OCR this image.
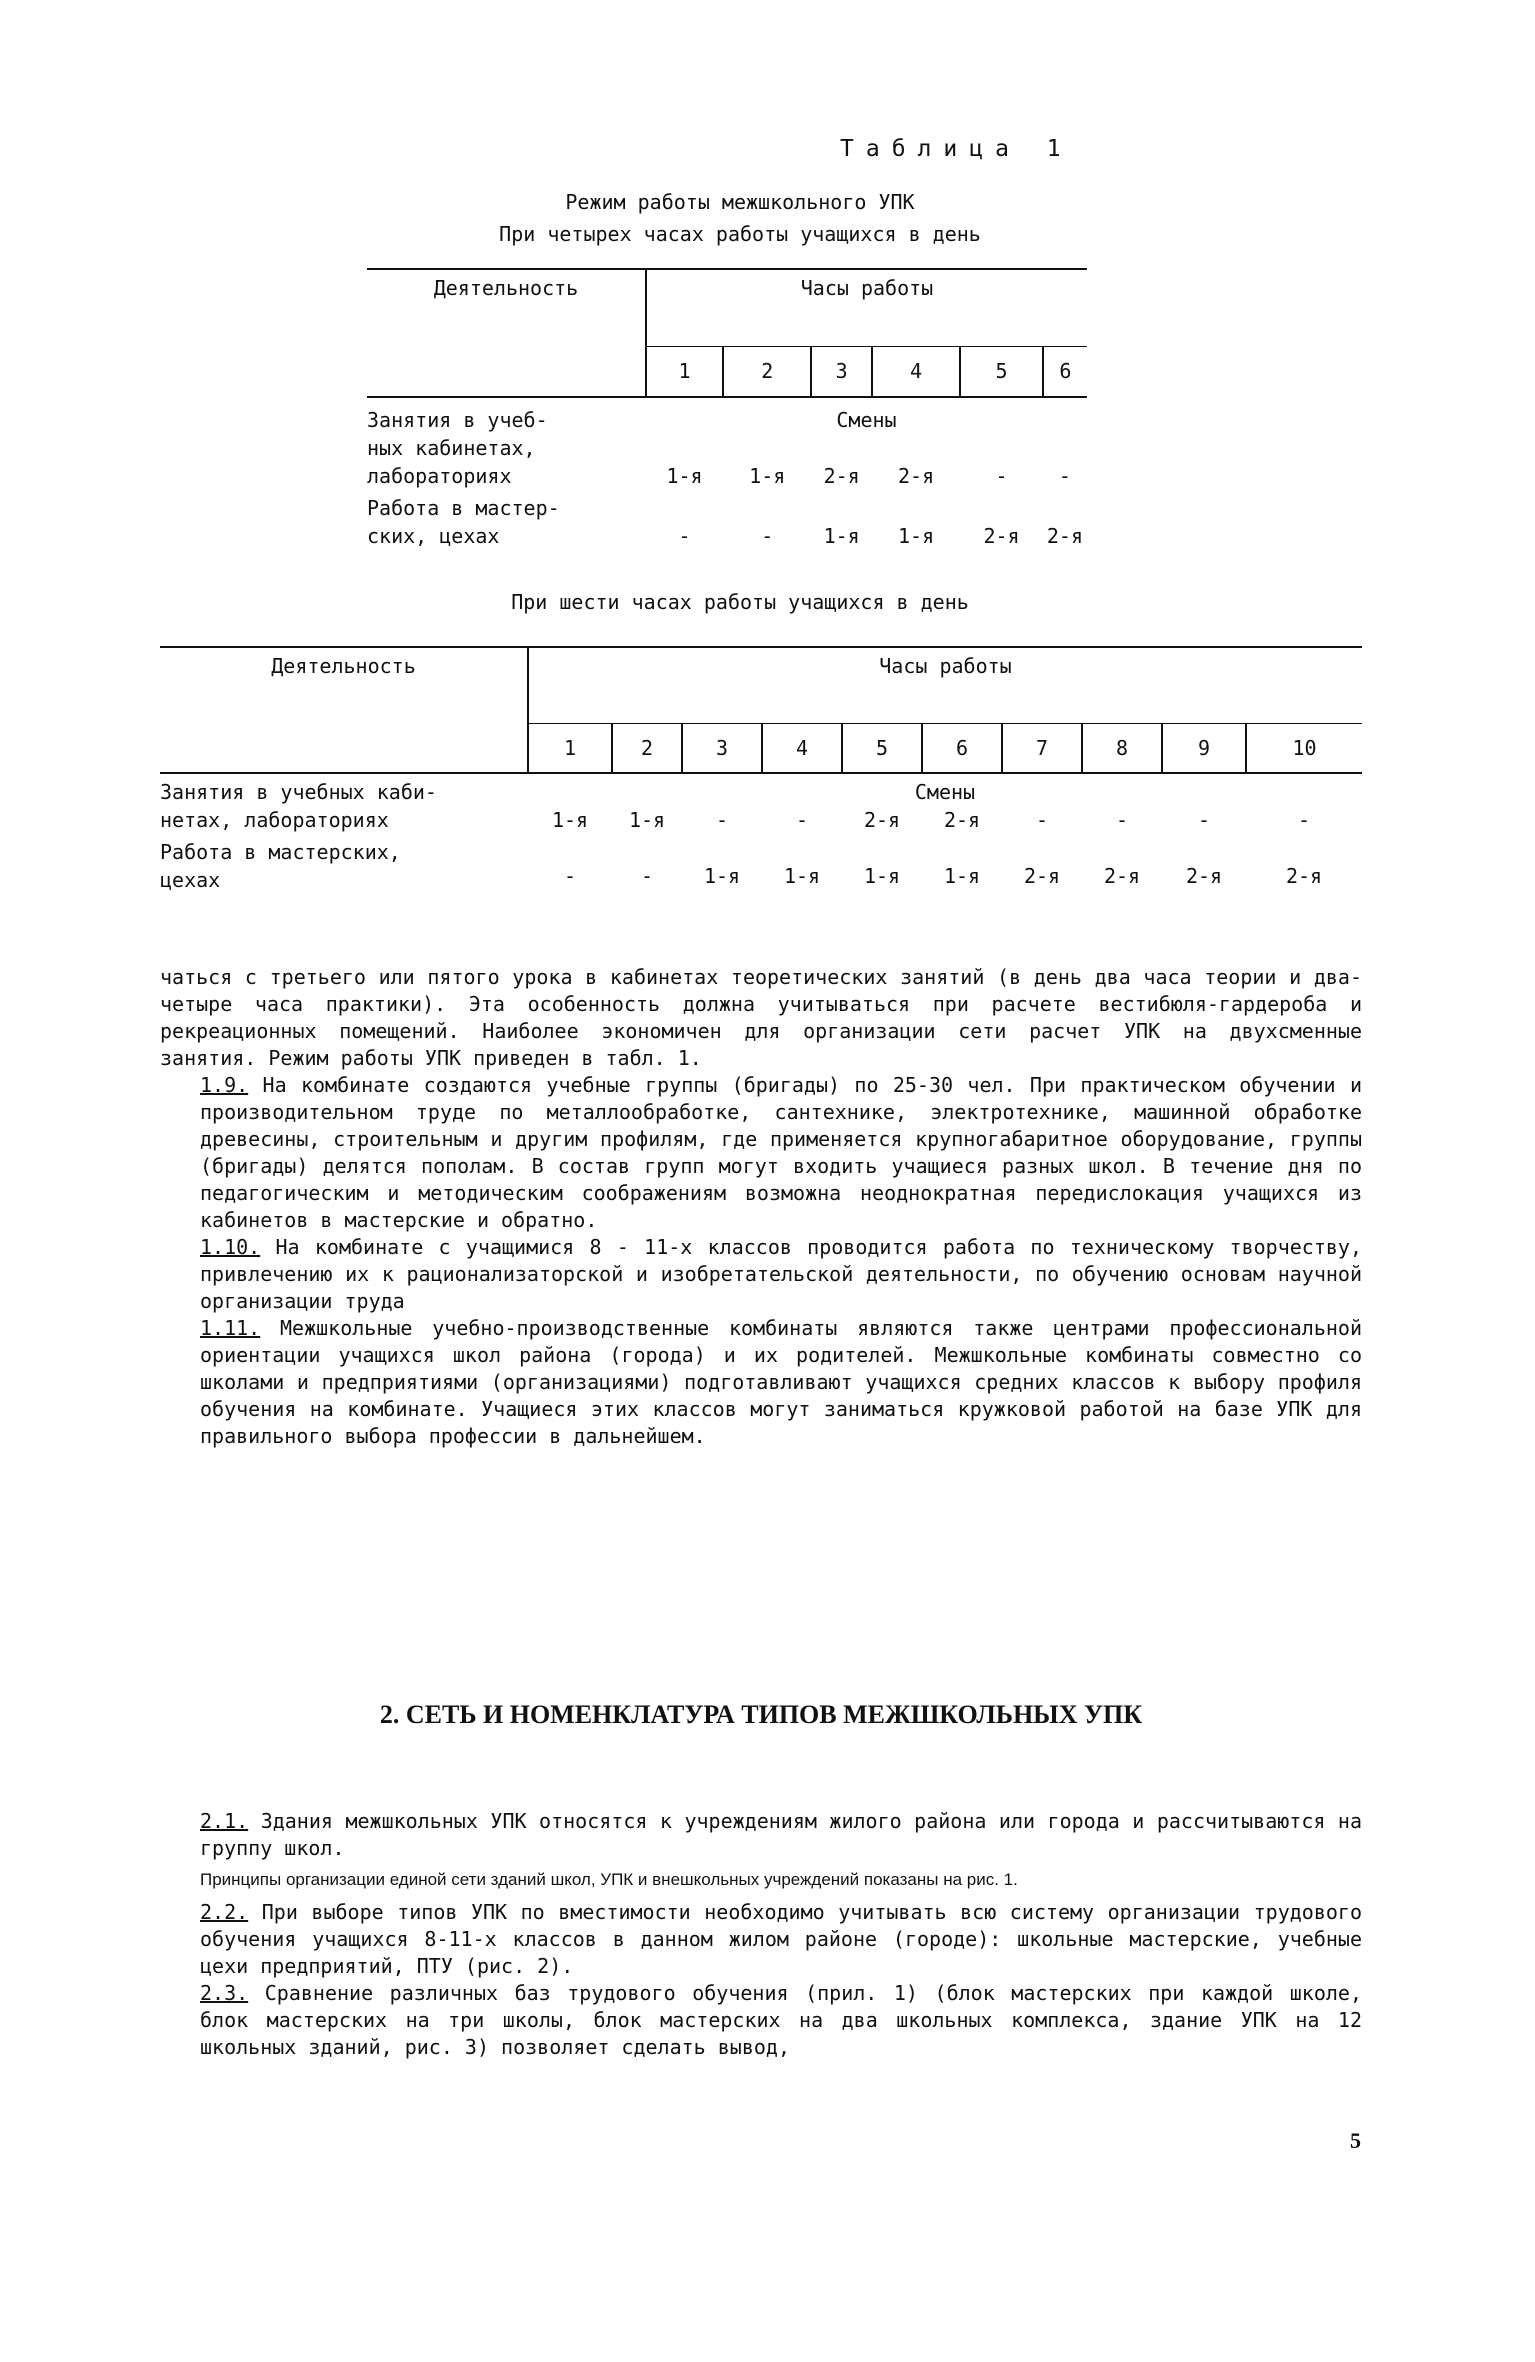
Таблица 1
Режим работы межшкольного УПК
При четырех часах работы учащихся в день
Деятельность	Часы работы					
	1	2	3	4	5	6

Занятия в учеб-
ных кабинетах,
лабораториях	Смены					
	1-я	1-я	2-я	2-я	-	-

Работа в мастер-
ских, цехах	-	-	1-я	1-я	2-я	2-я
При шести часах работы учащихся в день
Деятельность	Часы работы									
	1	2	3	4	5	6	7	8	9	10

Занятия в учебных каби-
нетах, лабораториях	Смены									
	1-я	1-я	-	-	2-я	2-я	-	-	-	-

Работа в мастерских,
цехах	-	-	1-я	1-я	1-я	1-я	2-я	2-я	2-я	2-я

чаться с третьего или пятого урока в кабинетах теоретических занятий (в день два часа теории и два-четыре часа практики). Эта особенность должна учитываться при расчете вестибюля-гардероба и рекреационных помещений. Наиболее экономичен для организации сети расчет УПК на двухсменные занятия. Режим работы УПК приведен в табл. 1.

1.9. На комбинате создаются учебные группы (бригады) по 25-30 чел. При практическом обучении и производительном труде по металлообработке, сантехнике, электротехнике, машинной обработке древесины, строительным и другим профилям, где применяется крупногабаритное оборудование, группы (бригады) делятся пополам. В состав групп могут входить учащиеся разных школ. В течение дня по педагогическим и методическим соображениям возможна неоднократная передислокация учащихся из кабинетов в мастерские и обратно.

1.10. На комбинате с учащимися 8 - 11-х классов проводится работа по техническому творчеству, привлечению их к рационализаторской и изобретательской деятельности, по обучению основам научной организации труда

1.11. Межшкольные учебно-производственные комбинаты являются также центрами профессиональной ориентации учащихся школ района (города) и их родителей. Межшкольные комбинаты совместно со школами и предприятиями (организациями) подготавливают учащихся средних классов к выбору профиля обучения на комбинате. Учащиеся этих классов могут заниматься кружковой работой на базе УПК для правильного выбора профессии в дальнейшем.

2. СЕТЬ И НОМЕНКЛАТУРА ТИПОВ МЕЖШКОЛЬНЫХ УПК

2.1. Здания межшкольных УПК относятся к учреждениям жилого района или города и рассчитываются на группу школ.

Принципы организации единой сети зданий школ, УПК и внешкольных учреждений показаны на рис. 1.

2.2. При выборе типов УПК по вместимости необходимо учитывать всю систему организации трудового обучения учащихся 8-11-х классов в данном жилом районе (городе): школьные мастерские, учебные цехи предприятий, ПТУ (рис. 2).

2.3. Сравнение различных баз трудового обучения (прил. 1) (блок мастерских при каждой школе, блок мастерских на три школы, блок мастерских на два школьных комплекса, здание УПК на 12 школьных зданий, рис. 3) позволяет сделать вывод,

5
